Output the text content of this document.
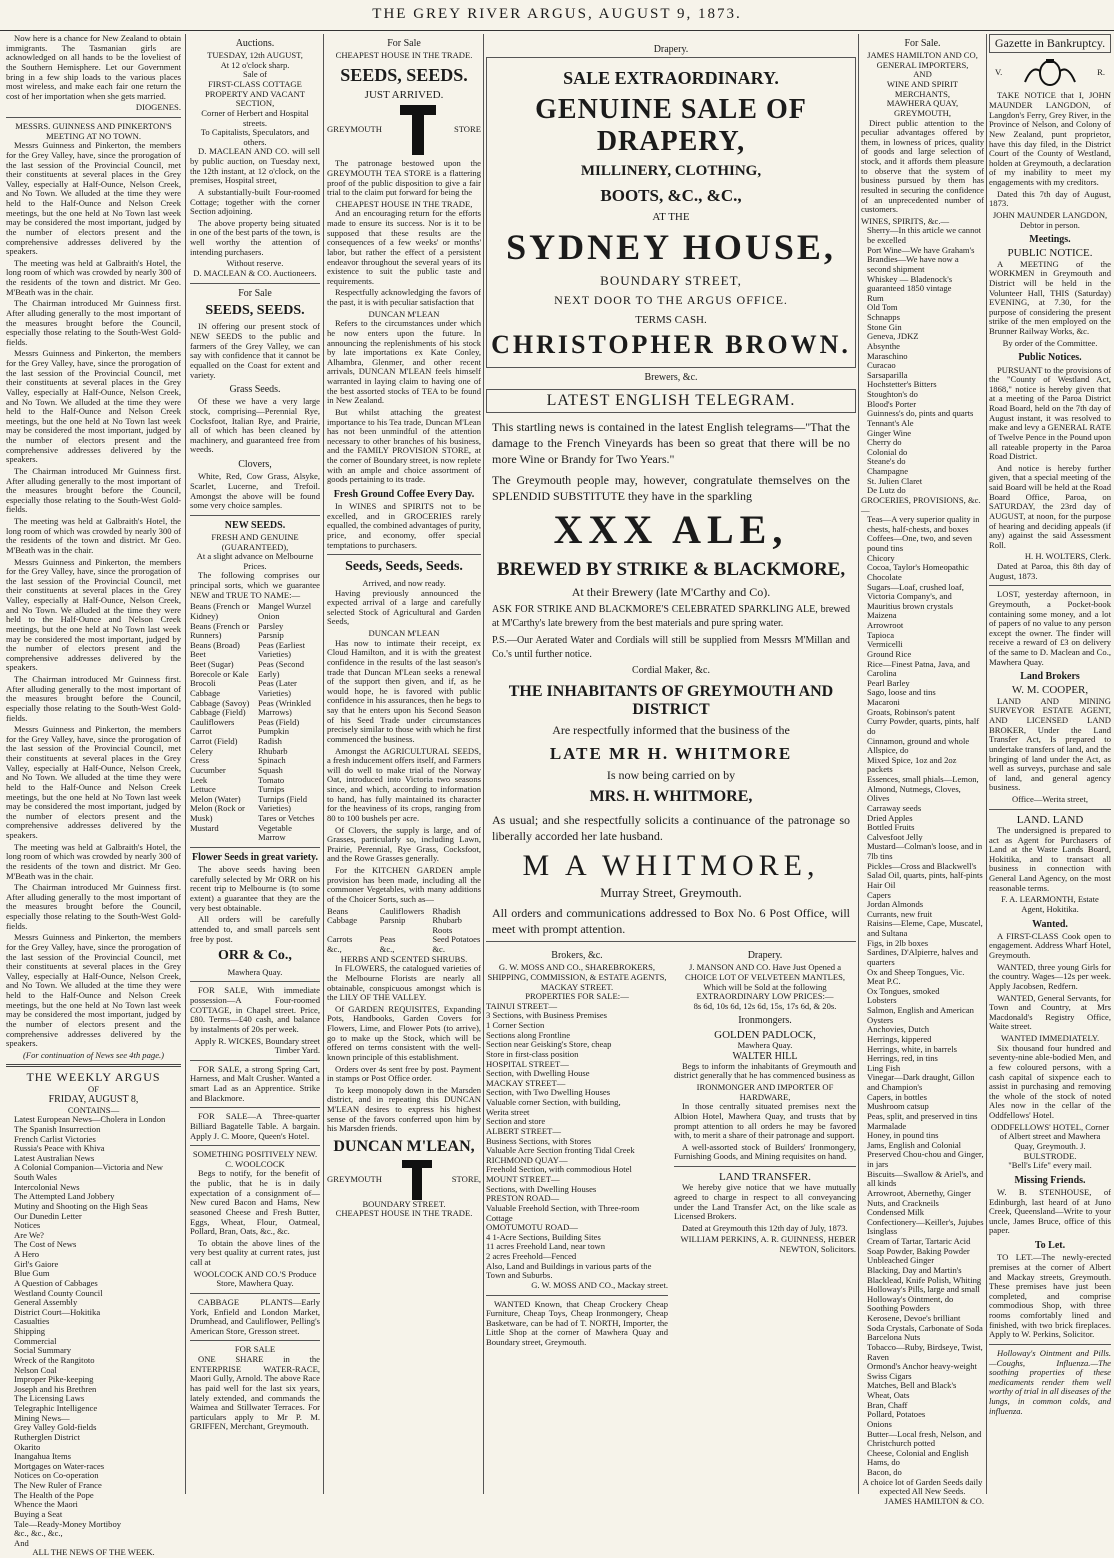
THE GREY RIVER ARGUS, AUGUST 9, 1873.

Now here is a chance for New Zealand to obtain immigrants. The Tasmanian girls are acknowledged on all hands to be the loveliest of the Southern Hemisphere. Let our Government bring in a few ship loads to the various places most wireless, and make each fair one return the cost of her importation when she gets married.

DIOGENES.
MESSRS. GUINNESS AND PINKERTON'S MEETING AT NO TOWN.

Messrs Guinness and Pinkerton, the members for the Grey Valley, have, since the prorogation of the last session of the Provincial Council, met their constituents at several places in the Grey Valley, especially at Half-Ounce, Nelson Creek, and No Town. We alluded at the time they were held to the Half-Ounce and Nelson Creek meetings, but the one held at No Town last week may be considered the most important, judged by the number of electors present and the comprehensive addresses delivered by the speakers.

The meeting was held at Galbraith's Hotel, the long room of which was crowded by nearly 300 of the residents of the town and district. Mr Geo. M'Beath was in the chair.

The Chairman introduced Mr Guinness first. After alluding generally to the most important of the measures brought before the Council, especially those relating to the South-West Gold-fields.

Messrs Guinness and Pinkerton, the members for the Grey Valley, have, since the prorogation of the last session of the Provincial Council, met their constituents at several places in the Grey Valley, especially at Half-Ounce, Nelson Creek, and No Town. We alluded at the time they were held to the Half-Ounce and Nelson Creek meetings, but the one held at No Town last week may be considered the most important, judged by the number of electors present and the comprehensive addresses delivered by the speakers.

The Chairman introduced Mr Guinness first. After alluding generally to the most important of the measures brought before the Council, especially those relating to the South-West Gold-fields.

The meeting was held at Galbraith's Hotel, the long room of which was crowded by nearly 300 of the residents of the town and district. Mr Geo. M'Beath was in the chair.

Messrs Guinness and Pinkerton, the members for the Grey Valley, have, since the prorogation of the last session of the Provincial Council, met their constituents at several places in the Grey Valley, especially at Half-Ounce, Nelson Creek, and No Town. We alluded at the time they were held to the Half-Ounce and Nelson Creek meetings, but the one held at No Town last week may be considered the most important, judged by the number of electors present and the comprehensive addresses delivered by the speakers.

The Chairman introduced Mr Guinness first. After alluding generally to the most important of the measures brought before the Council, especially those relating to the South-West Gold-fields.

Messrs Guinness and Pinkerton, the members for the Grey Valley, have, since the prorogation of the last session of the Provincial Council, met their constituents at several places in the Grey Valley, especially at Half-Ounce, Nelson Creek, and No Town. We alluded at the time they were held to the Half-Ounce and Nelson Creek meetings, but the one held at No Town last week may be considered the most important, judged by the number of electors present and the comprehensive addresses delivered by the speakers.

The meeting was held at Galbraith's Hotel, the long room of which was crowded by nearly 300 of the residents of the town and district. Mr Geo. M'Beath was in the chair.

The Chairman introduced Mr Guinness first. After alluding generally to the most important of the measures brought before the Council, especially those relating to the South-West Gold-fields.

Messrs Guinness and Pinkerton, the members for the Grey Valley, have, since the prorogation of the last session of the Provincial Council, met their constituents at several places in the Grey Valley, especially at Half-Ounce, Nelson Creek, and No Town. We alluded at the time they were held to the Half-Ounce and Nelson Creek meetings, but the one held at No Town last week may be considered the most important, judged by the number of electors present and the comprehensive addresses delivered by the speakers.

(For continuation of News see 4th page.)
THE WEEKLY ARGUS
OF
FRIDAY, AUGUST 8,
CONTAINS—
Latest European News—Cholera in London
The Spanish Insurrection
French Carlist Victories
Russia's Peace with Khiva
Latest Australian News
A Colonial Companion—Victoria and New South Wales
Intercolonial News
The Attempted Land Jobbery
Mutiny and Shooting on the High Seas
Our Dunedin Letter
Notices
Are We?
The Cost of News
A Hero
Girl's Gaiore
Blue Gum
A Question of Cabbages
Westland County Council
General Assembly
District Court—Hokitika
Casualties
Shipping
Commercial
Social Summary
Wreck of the Rangitoto
Nelson Coal
Improper Pike-keeping
Joseph and his Brethren
The Licensing Laws
Telegraphic Intelligence
Mining News—
Grey Valley Gold-fields
Rutherglen District
Okarito
Inangahua Items
Mortgages on Water-races
Notices on Co-operation
The New Ruler of France
The Health of the Pope
Whence the Maori
Buying a Seat
Tale—Ready-Money Mortiboy
&c., &c., &c.,
And
ALL THE NEWS OF THE WEEK.
Auctions.
TUESDAY, 12th AUGUST,
At 12 o'clock sharp.
Sale of
FIRST-CLASS COTTAGE PROPERTY AND VACANT SECTION,
Corner of Herbert and Hospital streets.
To Capitalists, Speculators, and others.

D. MACLEAN AND CO. will sell by public auction, on Tuesday next, the 12th instant, at 12 o'clock, on the premises, Hospital street,

A substantially-built Four-roomed Cottage; together with the corner Section adjoining.

The above property being situated in one of the best parts of the town, is well worthy the attention of intending purchasers.

Without reserve.
D. MACLEAN & CO. Auctioneers.
For Sale
SEEDS, SEEDS.

IN offering our present stock of NEW SEEDS to the public and farmers of the Grey Valley, we can say with confidence that it cannot be equalled on the Coast for extent and variety.

Grass Seeds.

Of these we have a very large stock, comprising—Perennial Rye, Cocksfoot, Italian Rye, and Prairie, all of which has been cleaned by machinery, and guaranteed free from weeds.

Clovers,

White, Red, Cow Grass, Alsyke, Scarlet, Lucerne, and Trefoil. Amongst the above will be found some very choice samples.

NEW SEEDS.
FRESH AND GENUINE (GUARANTEED),
At a slight advance on Melbourne Prices.

The following comprises our principal sorts, which we guarantee NEW and TRUE TO NAME:—

Beans (French or Kidney)
Beans (French or Runners)
Beans (Broad)
Beet
Beet (Sugar)
Borecole or Kale
Brocoli
Cabbage
Cabbage (Savoy)
Cabbage (Field)
Cauliflowers
Carrot
Carrot (Field)
Celery
Cress
Cucumber
Leek
Lettuce
Melon (Water)
Melon (Rock or Musk)
Mustard
Mangel Wurzel
Onion
Parsley
Parsnip
Peas (Earliest Varieties)
Peas (Second Early)
Peas (Later Varieties)
Peas (Wrinkled Marrows)
Peas (Field)
Pumpkin
Radish
Rhubarb
Spinach
Squash
Tomato
Turnips
Turnips (Field Varieties)
Tares or Vetches
Vegetable Marrow
Flower Seeds in great variety.

The above seeds having been carefully selected by Mr ORR on his recent trip to Melbourne is (to some extent) a guarantee that they are the very best obtainable.

All orders will be carefully attended to, and small parcels sent free by post.

ORR & Co.,
Mawhera Quay.

FOR SALE, With immediate possession—A Four-roomed COTTAGE, in Chapel street. Price, £80. Terms—£40 cash, and balance by instalments of 20s per week.

Apply R. WICKES, Boundary street Timber Yard.

FOR SALE, a strong Spring Cart, Harness, and Malt Crusher. Wanted a smart Lad as an Apprentice. Strike and Blackmore.

FOR SALE—A Three-quarter Billiard Bagatelle Table. A bargain. Apply J. C. Moore, Queen's Hotel.

SOMETHING POSITIVELY NEW.
C. WOOLCOCK

Begs to notify, for the benefit of the public, that he is in daily expectation of a consignment of—New cured Bacon and Hams, New seasoned Cheese and Fresh Butter, Eggs, Wheat, Flour, Oatmeal, Pollard, Bran, Oats, &c., &c.

To obtain the above lines of the very best quality at current rates, just call at

WOOLCOCK AND CO.'S Produce Store, Mawhera Quay.

CABBAGE PLANTS—Early York, Enfield and London Market, Drumhead, and Cauliflower, Pelling's American Store, Gresson street.

FOR SALE

ONE SHARE in the ENTERPRISE WATER-RACE, Maori Gully, Arnold. The above Race has paid well for the last six years, lately extended, and commands the Waimea and Stillwater Terraces. For particulars apply to Mr P. M. GRIFFEN, Merchant, Greymouth.

For Sale
CHEAPEST HOUSE IN THE TRADE.
SEEDS, SEEDS.
JUST ARRIVED.
GREYMOUTH	STORE

The patronage bestowed upon the GREYMOUTH TEA STORE is a flattering proof of the public disposition to give a fair trial to the claim put forward for being the

CHEAPEST HOUSE IN THE TRADE,

And an encouraging return for the efforts made to ensure its success. Nor is it to be supposed that these results are the consequences of a few weeks' or months' labor, but rather the effect of a persistent endeavor throughout the several years of its existence to suit the public taste and requirements.

Respectfully acknowledging the favors of the past, it is with peculiar satisfaction that

DUNCAN M'LEAN

Refers to the circumstances under which he now enters upon the future. In announcing the replenishments of his stock by late importations ex Kate Conley, Alhambra, Glenmer, and other recent arrivals, DUNCAN M'LEAN feels himself warranted in laying claim to having one of the best assorted stocks of TEA to be found in New Zealand.

But whilst attaching the greatest importance to his Tea trade, Duncan M'Lean has not been unmindful of the attention necessary to other branches of his business, and the FAMILY PROVISION STORE, at the corner of Boundary street, is now replete with an ample and choice assortment of goods pertaining to its trade.

Fresh Ground Coffee Every Day.

In WINES and SPIRITS not to be excelled, and in GROCERIES rarely equalled, the combined advantages of purity, price, and economy, offer special temptations to purchasers.

Seeds, Seeds, Seeds.
Arrived, and now ready.

Having previously announced the expected arrival of a large and carefully selected Stock of Agricultural and Garden Seeds,

DUNCAN M'LEAN

Has now to intimate their receipt, ex Cloud Hamilton, and it is with the greatest confidence in the results of the last season's trade that Duncan M'Lean seeks a renewal of the support then given, and if, as he would hope, he is favored with public confidence in his assurances, then he begs to say that he enters upon his Second Season of his Seed Trade under circumstances precisely similar to those with which he first commenced the business.

Amongst the AGRICULTURAL SEEDS, a fresh inducement offers itself, and Farmers will do well to make trial of the Norway Oat, introduced into Victoria two seasons since, and which, according to information to hand, has fully maintained its character for the heaviness of its crops, ranging from 80 to 100 bushels per acre.

Of Clovers, the supply is large, and of Grasses, particularly so, including Lawn, Prairie, Perennial, Rye Grass, Cocksfoot, and the Rowe Grasses generally.

For the KITCHEN GARDEN ample provision has been made, including all the commoner Vegetables, with many additions of the Choicer Sorts, such as—

Beans	Cauliflowers Rhadish
Cabbage	Parsnip	Rhubarb Roots
Carrots	Peas	Seed Potatoes
&c.,	&c.,	&c.
HERBS AND SCENTED SHRUBS.

In FLOWERS, the catalogued varieties of the Melbourne Florists are nearly all obtainable, conspicuous amongst which is the LILY OF THE VALLEY.

Of GARDEN REQUISITES, Expanding Pots, Handbooks, Garden Covers for Flowers, Lime, and Flower Pots (to arrive), go to make up the Stock, which will be offered on terms consistent with the well-known principle of this establishment.

Orders over 4s sent free by post. Payment in stamps or Post Office order.

To keep monopoly down in the Marsden district, and in repeating this DUNCAN M'LEAN desires to express his highest sense of the favors conferred upon him by his Marsden friends.

DUNCAN M'LEAN,
GREYMOUTH	STORE,
BOUNDARY STREET.
CHEAPEST HOUSE IN THE TRADE.
Drapery.
SALE EXTRAORDINARY.
GENUINE SALE OF DRAPERY,
MILLINERY, CLOTHING,
BOOTS, &C., &C.,
AT THE
SYDNEY HOUSE,
BOUNDARY STREET,
NEXT DOOR TO THE ARGUS OFFICE.
TERMS CASH.
CHRISTOPHER BROWN.
Brewers, &c.
LATEST ENGLISH TELEGRAM.
This startling news is contained in the latest English telegrams—"That the damage to the French Vineyards has been so great that there will be no more Wine or Brandy for Two Years."
The Greymouth people may, however, congratulate themselves on the SPLENDID SUBSTITUTE they have in the sparkling
XXX ALE,
BREWED BY STRIKE & BLACKMORE,
At their Brewery (late M'Carthy and Co).
ASK FOR STRIKE AND BLACKMORE'S CELEBRATED SPARKLING ALE, brewed at M'Carthy's late brewery from the best materials and pure spring water.
P.S.—Our Aerated Water and Cordials will still be supplied from Messrs M'Millan and Co.'s until further notice.
Cordial Maker, &c.
THE INHABITANTS OF GREYMOUTH AND DISTRICT
Are respectfully informed that the business of the
LATE MR H. WHITMORE
Is now being carried on by
MRS. H. WHITMORE,
As usual; and she respectfully solicits a continuance of the patronage so liberally accorded her late husband.
M A WHITMORE,
Murray Street, Greymouth.
All orders and communications addressed to Box No. 6 Post Office, will meet with prompt attention.
Brokers, &c.
G. W. MOSS AND CO., SHAREBROKERS, SHIPPING, COMMISSION, & ESTATE AGENTS,
MACKAY STREET.
PROPERTIES FOR SALE:—
TAINUI STREET—
3 Sections, with Business Premises
1 Corner Section
Sections along Frontline
Section near Geisking's Store, cheap
Store in first-class position
HOSPITAL STREET—
Section, with Dwelling House
MACKAY STREET—
Section, with Two Dwelling Houses
Valuable corner Section, with building,
Werita street
Section and store
ALBERT STREET—
Business Sections, with Stores
Valuable Acre Section fronting Tidal Creek
RICHMOND QUAY—
Freehold Section, with commodious Hotel
MOUNT STREET—
Sections, with Dwelling Houses
PRESTON ROAD—
Valuable Freehold Section, with Three-room Cottage
OMOTUMOTU ROAD—
4 1-Acre Sections, Building Sites
11 acres Freehold Land, near town
2 acres Freehold—Fenced
Also, Land and Buildings in various parts of the Town and Suburbs.
G. W. MOSS AND CO., Mackay street.

WANTED Known, that Cheap Crockery Cheap Furniture, Cheap Toys, Cheap Ironmongery, Cheap Basketware, can be had of T. NORTH, Importer, the Little Shop at the corner of Mawhera Quay and Boundary street, Greymouth.

Drapery.
J. MANSON AND CO. Have Just Opened a
CHOICE LOT OF VELVETEEN MANTLES,
Which will be Sold at the following
EXTRAORDINARY LOW PRICES:—
8s 6d, 10s 6d, 12s 6d, 15s, 17s 6d, & 20s.
Ironmongers.
GOLDEN PADLOCK,
Mawhera Quay.
WALTER HILL

Begs to inform the inhabitants of Greymouth and district generally that he has commenced business as

IRONMONGER AND IMPORTER OF HARDWARE,

In those centrally situated premises next the Albion Hotel, Mawhera Quay, and trusts that by prompt attention to all orders he may be favored with, to merit a share of their patronage and support.

A well-assorted stock of Builders' Ironmongery, Furnishing Goods, and Mining requisites on hand.

LAND TRANSFER.

We hereby give notice that we have mutually agreed to charge in respect to all conveyancing under the Land Transfer Act, on the like scale as Licensed Brokers.

Dated at Greymouth this 12th day of July, 1873.

WILLIAM PERKINS, A. R. GUINNESS, HEBER NEWTON, Solicitors.
For Sale.
JAMES HAMILTON AND CO,
GENERAL IMPORTERS,
AND
WINE AND SPIRIT MERCHANTS,
MAWHERA QUAY, GREYMOUTH,

Direct public attention to the peculiar advantages offered by them, in lowness of prices, quality of goods and large selection of stock, and it affords them pleasure to observe that the system of business pursued by them has resulted in securing the confidence of an unprecedented number of customers.

WINES, SPIRITS, &c.—
Sherry—In this article we cannot be excelled
Port Wine—We have Graham's
Brandies—We have now a second shipment
Whiskey — Bladenock's guaranteed 1850 vintage
Rum
Old Tom
Schnapps
Stone Gin
Geneva, JDKZ
Absynthe
Maraschino
Curacao
Sarsaparilla
Hochstetter's Bitters
Stoughton's do
Blood's Porter
Guinness's do, pints and quarts
Tennant's Ale
Ginger Wine
Cherry do
Colonial do
Steane's do
Champagne
St. Julien Claret
De Lutz do
GROCERIES, PROVISIONS, &c.—
Teas—A very superior quality in chests, half-chests, and boxes
Coffees—One, two, and seven pound tins
Chicory
Cocoa, Taylor's Homeopathic
Chocolate
Sugars—Loaf, crushed loaf, Victoria Company's, and Mauritius brown crystals
Maizena
Arrowroot
Tapioca
Vermicelli
Ground Rice
Rice—Finest Patna, Java, and Carolina
Pearl Barley
Sago, loose and tins
Macaroni
Groats, Robinson's patent
Curry Powder, quarts, pints, half do
Cinnamon, ground and whole
Allspice, do
Mixed Spice, 1oz and 2oz packets
Essences, small phials—Lemon, Almond, Nutmegs, Cloves, Olives
Carraway seeds
Dried Apples
Bottled Fruits
Calvesfoot Jelly
Mustard—Colman's loose, and in 7lb tins
Pickles—Cross and Blackwell's
Salad Oil, quarts, pints, half-pints
Hair Oil
Capers
Jordan Almonds
Currants, new fruit
Raisins—Eleme, Cape, Muscatel, and Sultana
Figs, in 2lb boxes
Sardines, D'Alpierre, halves and quarters
Ox and Sheep Tongues, Vic. Meat P.C.
Ox Tongues, smoked
Lobsters
Salmon, English and American
Oysters
Anchovies, Dutch
Herrings, kippered
Herrings, white, in barrels
Herrings, red, in tins
Ling Fish
Vinegar—Dark draught, Gillon and Champion's
Capers, in bottles
Mushroom catsup
Peas, split, and preserved in tins
Marmalade
Honey, in pound tins
Jams, English and Colonial
Preserved Chou-chou and Ginger, in jars
Biscuits—Swallow & Ariel's, and all kinds
Arrowroot, Abernethy, Ginger Nuts, and Crackneils
Condensed Milk
Confectionery—Keiller's, Jujubes
Isinglass
Cream of Tartar, Tartaric Acid
Soap Powder, Baking Powder
Unbleached Ginger
Blacking, Day and Martin's
Blacklead, Knife Polish, Whiting
Holloway's Pills, large and small
Holloway's Ointment, do
Soothing Powders
Kerosene, Devoe's brilliant
Soda Crystals, Carbonate of Soda
Barcelona Nuts
Tobacco—Ruby, Birdseye, Twist, Raven
Ormond's Anchor heavy-weight Swiss Cigars
Matches, Bell and Black's
Wheat, Oats
Bran, Chaff
Pollard, Potatoes
Onions
Butter—Local fresh, Nelson, and Christchurch potted
Cheese, Colonial and English
Hams, do
Bacon, do
A choice lot of Garden Seeds daily expected All New Seeds.
JAMES HAMILTON & CO.
Gazette in Bankruptcy.
V.	R.

TAKE NOTICE that I, JOHN MAUNDER LANGDON, of Langdon's Ferry, Grey River, in the Province of Nelson, and Colony of New Zealand, punt proprietor, have this day filed, in the District Court of the County of Westland, holden at Greymouth, a declaration of my inability to meet my engagements with my creditors.

Dated this 7th day of August, 1873.

JOHN MAUNDER LANGDON, Debtor in person.
Meetings.
PUBLIC NOTICE.

A MEETING of the WORKMEN in Greymouth and District will be held in the Volunteer Hall, THIS (Saturday) EVENING, at 7.30, for the purpose of considering the present strike of the men employed on the Brunner Railway Works, &c.

By order of the Committee.
Public Notices.

PURSUANT to the provisions of the "County of Westland Act, 1868," notice is hereby given that at a meeting of the Paroa District Road Board, held on the 7th day of August instant, it was resolved to make and levy a GENERAL RATE of Twelve Pence in the Pound upon all rateable property in the Paroa Road District.

And notice is hereby further given, that a special meeting of the said Board will be held at the Road Board Office, Paroa, on SATURDAY, the 23rd day of AUGUST, at noon, for the purpose of hearing and deciding appeals (if any) against the said Assessment Roll.

H. H. WOLTERS, Clerk.

Dated at Paroa, this 8th day of August, 1873.

LOST, yesterday afternoon, in Greymouth, a Pocket-book containing some money, and a lot of papers of no value to any person except the owner. The finder will receive a reward of £3 on delivery of the same to D. Maclean and Co., Mawhera Quay.

Land Brokers
W. M. COOPER,

LAND AND MINING SURVEYOR ESTATE AGENT, AND LICENSED LAND BROKER, Under the Land Transfer Act, Is prepared to undertake transfers of land, and the bringing of land under the Act, as well as surveys, purchase and sale of land, and general agency business.

Office—Werita street,
LAND. LAND

The undersigned is prepared to act as Agent for Purchasers of Land at the Waste Lands Board, Hokitika, and to transact all business in connection with General Land Agency, on the most reasonable terms.

F. A. LEARMONTH, Estate Agent, Hokitika.
Wanted.

A FIRST-CLASS Cook open to engagement. Address Wharf Hotel, Greymouth.

WANTED, three young Girls for the country. Wages—12s per week. Apply Jacobsen, Redfern.

WANTED, General Servants, for Town and Country, at Mrs Macdonald's Registry Office, Waite street.

WANTED IMMEDIATELY.

Six thousand four hundred and seventy-nine able-bodied Men, and a few coloured persons, with a cash capital of sixpence each to assist in purchasing and removing the whole of the stock of noted Ales now in the cellar of the Oddfellows' Hotel.

ODDFELLOWS' HOTEL, Corner of Albert street and Mawhera Quay, Greymouth. J. BULSTRODE.
"Bell's Life" every mail.
Missing Friends.

W. B. STENHOUSE, of Edinburgh, last heard of at Juno Creek, Queensland—Write to your uncle, James Bruce, office of this paper.

To Let.

TO LET.—The newly-erected premises at the corner of Albert and Mackay streets, Greymouth. These premises have just been completed, and comprise commodious Shop, with three rooms comfortably lined and finished, with two brick fireplaces. Apply to W. Perkins, Solicitor.

Holloway's Ointment and Pills.—Coughs, Influenza.—The soothing properties of these medicaments render them well worthy of trial in all diseases of the lungs, in common colds, and influenza.
